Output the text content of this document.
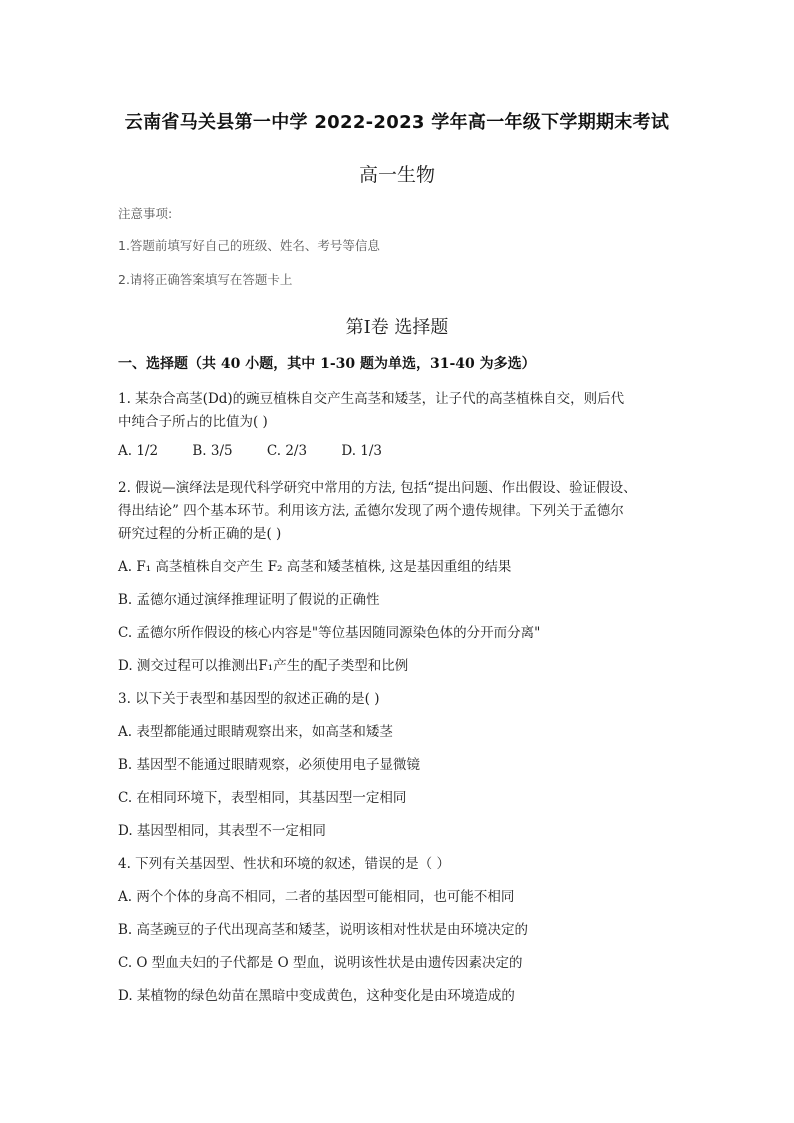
云南省马关县第一中学 2022-2023 学年高一年级下学期期末考试
高一生物
注意事项:
1.答题前填写好自己的班级、姓名、考号等信息
2.请将正确答案填写在答题卡上
第Ⅰ卷 选择题
一、选择题（共 40 小题，其中 1-30 题为单选，31-40 为多选）
1. 某杂合高茎(Dd)的豌豆植株自交产生高茎和矮茎，让子代的高茎植株自交，则后代
中纯合子所占的比值为( )
A. 1/2	B. 3/5	C. 2/3	D. 1/3
2. 假说—演绎法是现代科学研究中常用的方法, 包括“提出问题、作出假设、验证假设、
得出结论” 四个基本环节。利用该方法, 孟德尔发现了两个遗传规律。下列关于孟德尔
研究过程的分析正确的是( )
A. F₁ 高茎植株自交产生 F₂ 高茎和矮茎植株, 这是基因重组的结果
B. 孟德尔通过演绎推理证明了假说的正确性
C. 孟德尔所作假设的核心内容是"等位基因随同源染色体的分开而分离"
D. 测交过程可以推测出F₁产生的配子类型和比例
3. 以下关于表型和基因型的叙述正确的是( )
A. 表型都能通过眼睛观察出来，如高茎和矮茎
B. 基因型不能通过眼睛观察，必须使用电子显微镜
C. 在相同环境下，表型相同，其基因型一定相同
D. 基因型相同，其表型不一定相同
4. 下列有关基因型、性状和环境的叙述，错误的是（ ）
A. 两个个体的身高不相同，二者的基因型可能相同，也可能不相同
B. 高茎豌豆的子代出现高茎和矮茎，说明该相对性状是由环境决定的
C. O 型血夫妇的子代都是 O 型血，说明该性状是由遗传因素决定的
D. 某植物的绿色幼苗在黑暗中变成黄色，这种变化是由环境造成的
